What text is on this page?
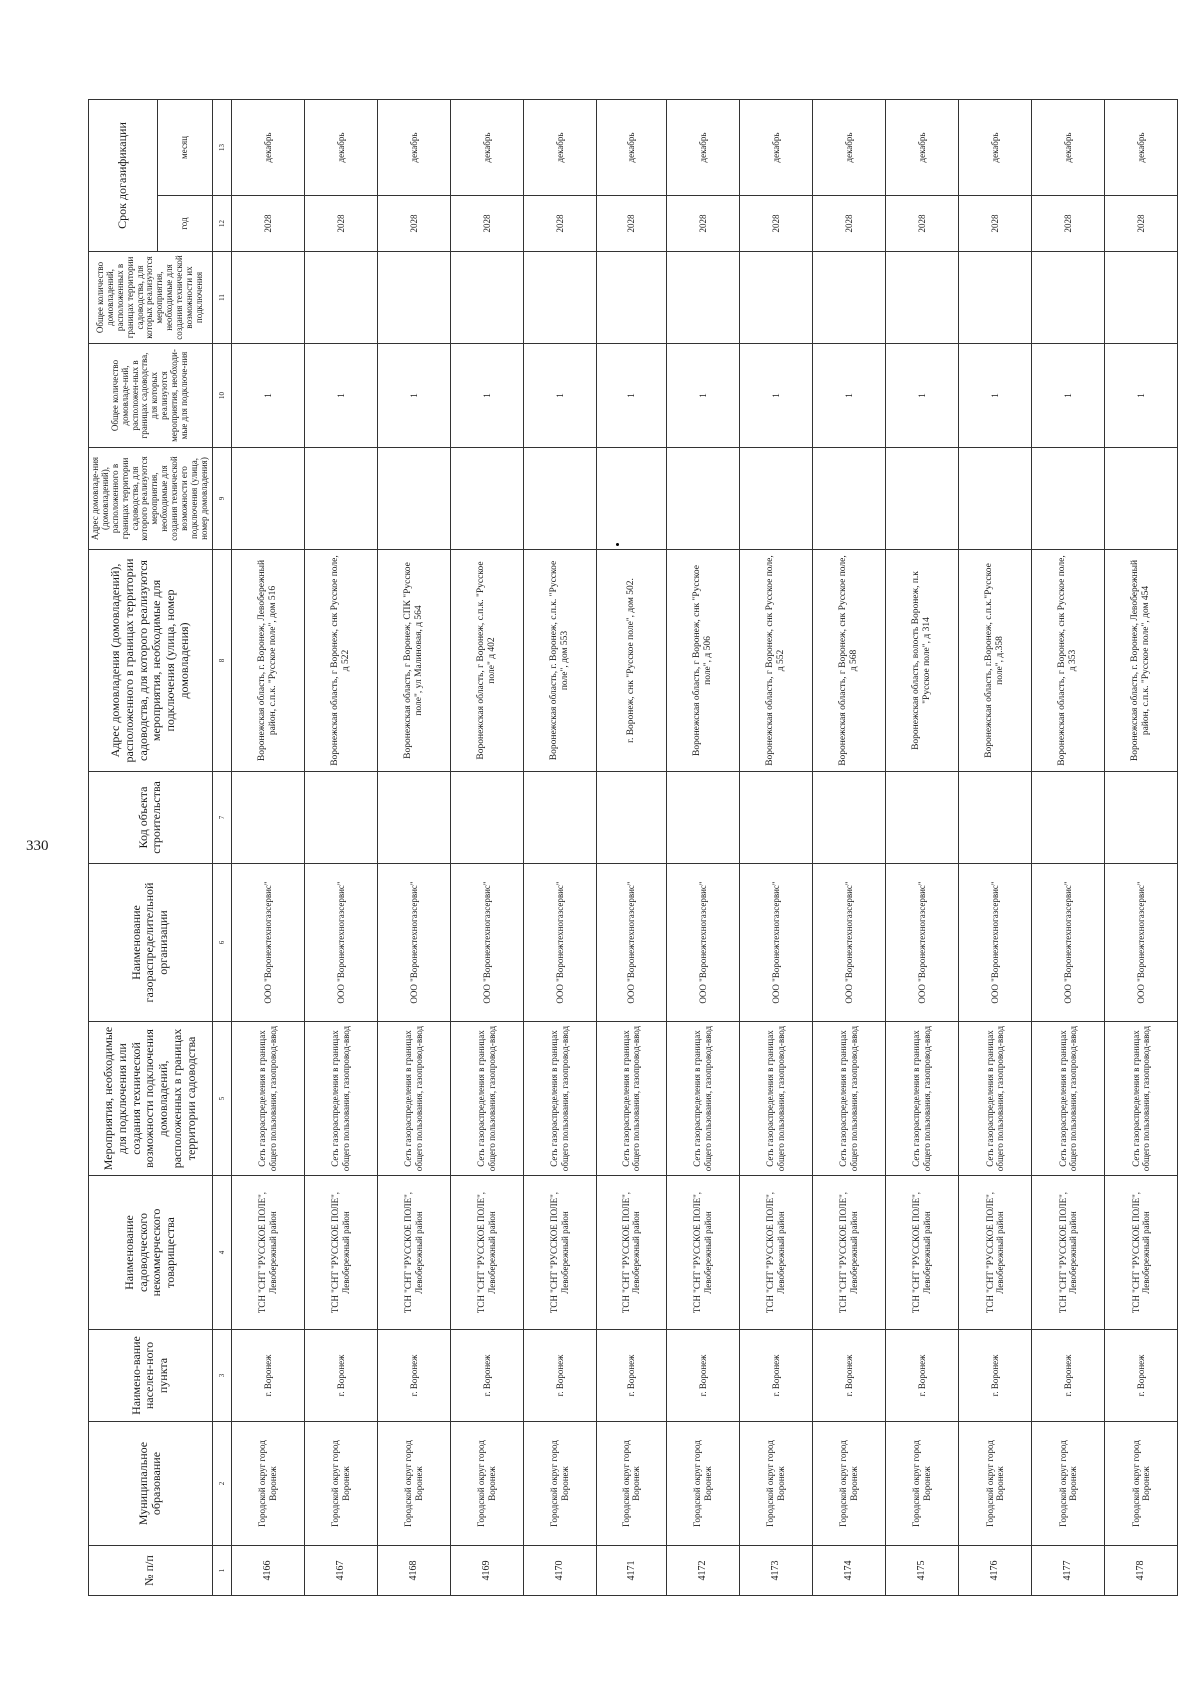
330
№ п/п	Муниципальное образование	Наимено-вание населен-ного пункта	Наименование садоводческого некоммерческого товарищества	Мероприятия, необходимые для подключения или создания технической возможности подключения домовладений, расположенных в границах территории садоводства	Наименование газораспределительной организации	Код объекта строительства	Адрес домовладения (домовладений), расположенного в границах территории садоводства, для которого реализуются мероприятия, необходимые для подключения (улица, номер домовладения)	Адрес домовладе-ния (домовладений), расположенного в границах территории садоводства, для которого реализуются мероприятия, необходимые для создания технической возможности его подключения (улица, номер домовладения)	Общее количество домовладе-ний, расположен-ных в границах садоводства, для которых реализуются мероприятия, необходи-мые для подключе-ния	Общее количество домовладений, расположенных в границах территории садоводства, для которых реализуются мероприятия, необходимые для создания технической возможности их подключения	Срок догазификации	
											год	месяц
1	2	3	4	5	6	7	8	9	10	11	12	13
4166	Городской округ город Воронеж	г. Воронеж	ТСН "СНТ "РУССКОЕ ПОЛЕ", Левобережный район	Сеть газораспределения в границах общего пользования, газопровод-ввод	ООО "Воронежтехногазсервис"		Воронежская область, г. Воронеж, Левобережный район, с.п.к. "Русское поле", дом 516		1		2028	декабрь
4167	Городской округ город Воронеж	г. Воронеж	ТСН "СНТ "РУССКОЕ ПОЛЕ", Левобережный район	Сеть газораспределения в границах общего пользования, газопровод-ввод	ООО "Воронежтехногазсервис"		Воронежская область, г Воронеж, снк Русское поле, д 522		1		2028	декабрь
4168	Городской округ город Воронеж	г. Воронеж	ТСН "СНТ "РУССКОЕ ПОЛЕ", Левобережный район	Сеть газораспределения в границах общего пользования, газопровод-ввод	ООО "Воронежтехногазсервис"		Воронежская область, г Воронеж, СПК "Русское поле", ул Малиновая, д 564		1		2028	декабрь
4169	Городской округ город Воронеж	г. Воронеж	ТСН "СНТ "РУССКОЕ ПОЛЕ", Левобережный район	Сеть газораспределения в границах общего пользования, газопровод-ввод	ООО "Воронежтехногазсервис"		Воронежская область, г Воронеж, с.п.к. "Русское поле" д 402		1		2028	декабрь
4170	Городской округ город Воронеж	г. Воронеж	ТСН "СНТ "РУССКОЕ ПОЛЕ", Левобережный район	Сеть газораспределения в границах общего пользования, газопровод-ввод	ООО "Воронежтехногазсервис"		Воронежская область, г. Воронеж, с.п.к. "Русское поле", дом 553		1		2028	декабрь
4171	Городской округ город Воронеж	г. Воронеж	ТСН "СНТ "РУССКОЕ ПОЛЕ", Левобережный район	Сеть газораспределения в границах общего пользования, газопровод-ввод	ООО "Воронежтехногазсервис"		г. Воронеж, снк "Русское поле", дом 502.		1		2028	декабрь
4172	Городской округ город Воронеж	г. Воронеж	ТСН "СНТ "РУССКОЕ ПОЛЕ", Левобережный район	Сеть газораспределения в границах общего пользования, газопровод-ввод	ООО "Воронежтехногазсервис"		Воронежская область, г Воронеж, снк "Русское поле", д 506		1		2028	декабрь
4173	Городской округ город Воронеж	г. Воронеж	ТСН "СНТ "РУССКОЕ ПОЛЕ", Левобережный район	Сеть газораспределения в границах общего пользования, газопровод-ввод	ООО "Воронежтехногазсервис"		Воронежская область, г Воронеж, снк Русское поле, д 552		1		2028	декабрь
4174	Городской округ город Воронеж	г. Воронеж	ТСН "СНТ "РУССКОЕ ПОЛЕ", Левобережный район	Сеть газораспределения в границах общего пользования, газопровод-ввод	ООО "Воронежтехногазсервис"		Воронежская область, г Воронеж, снк Русское поле, д 568		1		2028	декабрь
4175	Городской округ город Воронеж	г. Воронеж	ТСН "СНТ "РУССКОЕ ПОЛЕ", Левобережный район	Сеть газораспределения в границах общего пользования, газопровод-ввод	ООО "Воронежтехногазсервис"		Воронежская область, волость Воронеж, п.к "Русское поле", д 314		1		2028	декабрь
4176	Городской округ город Воронеж	г. Воронеж	ТСН "СНТ "РУССКОЕ ПОЛЕ", Левобережный район	Сеть газораспределения в границах общего пользования, газопровод-ввод	ООО "Воронежтехногазсервис"		Воронежская область, г.Воронеж, с.п.к."Русское поле", д.358		1		2028	декабрь
4177	Городской округ город Воронеж	г. Воронеж	ТСН "СНТ "РУССКОЕ ПОЛЕ", Левобережный район	Сеть газораспределения в границах общего пользования, газопровод-ввод	ООО "Воронежтехногазсервис"		Воронежская область, г Воронеж, снк Русское поле, д 353		1		2028	декабрь
4178	Городской округ город Воронеж	г. Воронеж	ТСН "СНТ "РУССКОЕ ПОЛЕ", Левобережный район	Сеть газораспределения в границах общего пользования, газопровод-ввод	ООО "Воронежтехногазсервис"		Воронежская область, г. Воронеж, Левобережный район, с.п.к. "Русское поле", дом 454		1		2028	декабрь
